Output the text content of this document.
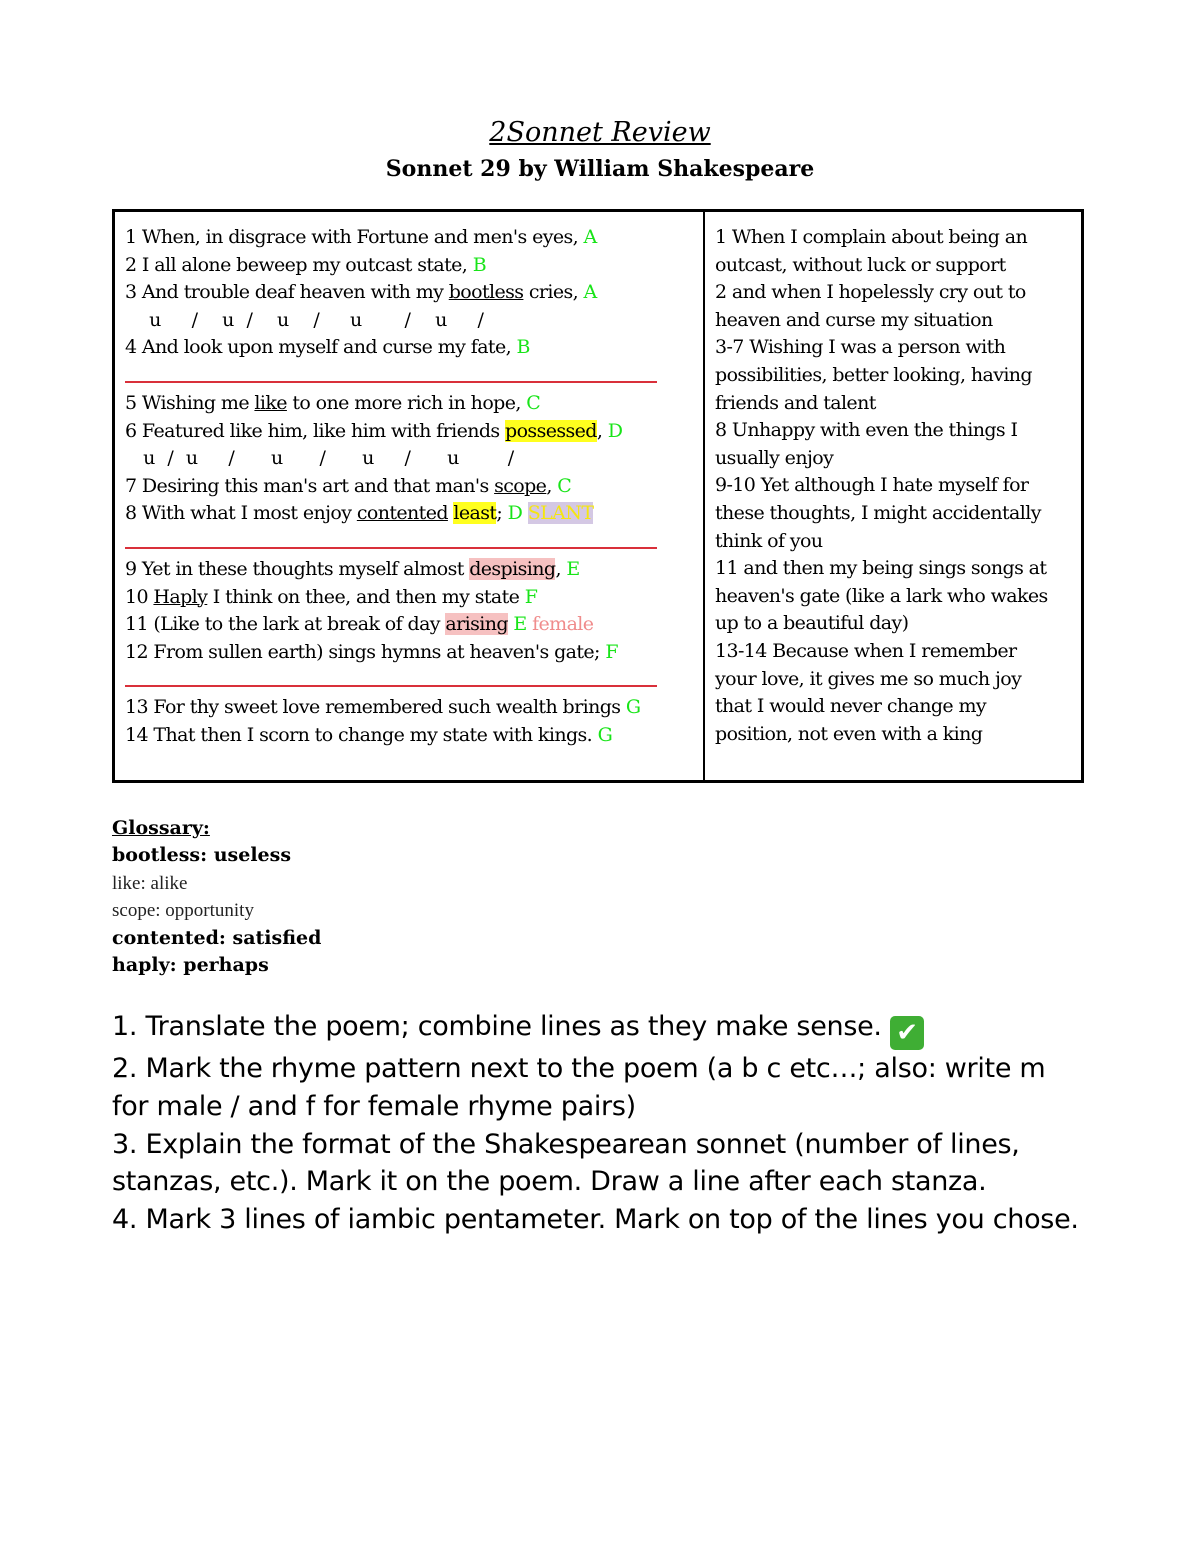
2Sonnet Review
Sonnet 29 by William Shakespeare
1 When, in disgrace with Fortune and men's eyes, A
2 I all alone beweep my outcast state, B
3 And trouble deaf heaven with my bootless cries, A
u     /    u  /    u    /     u       /    u     /
4 And look upon myself and curse my fate, B
5 Wishing me like to one more rich in hope, C
6 Featured like him, like him with friends possessed, D
u  /  u     /      u      /      u     /      u        /
7 Desiring this man's art and that man's scope, C
8 With what I most enjoy contented least; D SLANT
9 Yet in these thoughts myself almost despising, E
10 Haply I think on thee, and then my state F
11 (Like to the lark at break of day arising E female
12 From sullen earth) sings hymns at heaven's gate; F
13 For thy sweet love remembered such wealth brings G
14 That then I scorn to change my state with kings. G
1 When I complain about being an
outcast, without luck or support
2 and when I hopelessly cry out to
heaven and curse my situation
3-7 Wishing I was a person with
possibilities, better looking, having
friends and talent
8 Unhappy with even the things I
usually enjoy
9-10 Yet although I hate myself for
these thoughts, I might accidentally
think of you
11 and then my being sings songs at
heaven's gate (like a lark who wakes
up to a beautiful day)
13-14 Because when I remember
your love, it gives me so much joy
that I would never change my
position, not even with a king
Glossary:
bootless: useless
like: alike
scope: opportunity
contented: satisfied
haply: perhaps
1. Translate the poem; combine lines as they make sense. ✔
2. Mark the rhyme pattern next to the poem (a b c etc…; also: write m for male / and f for female rhyme pairs)
3. Explain the format of the Shakespearean sonnet (number of lines, stanzas, etc.). Mark it on the poem. Draw a line after each stanza.
4. Mark 3 lines of iambic pentameter. Mark on top of the lines you chose.
